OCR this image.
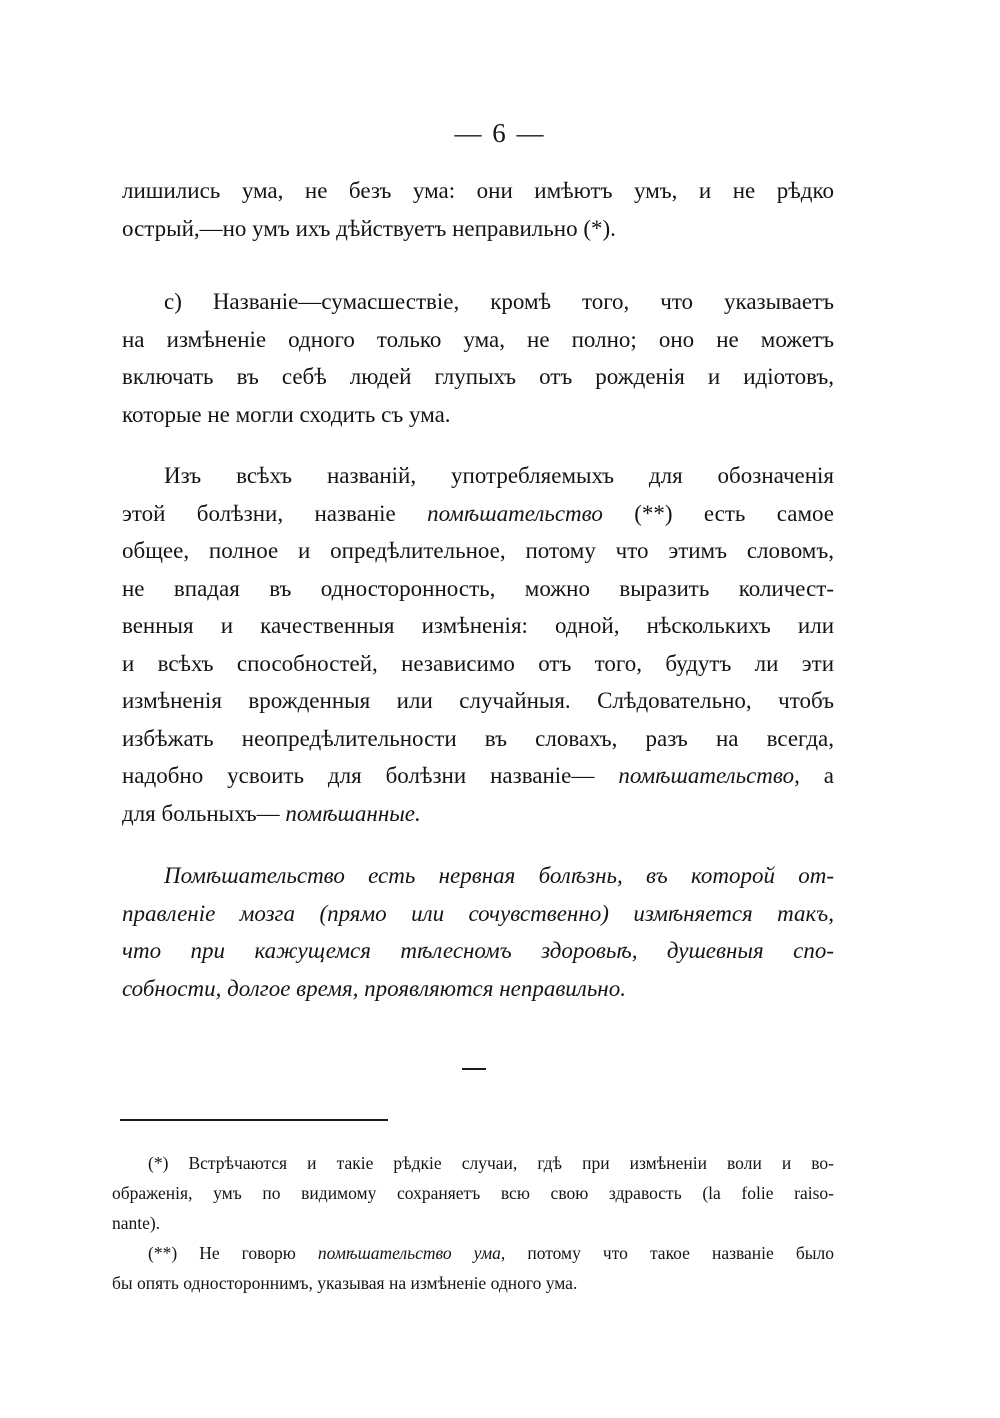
— 6 —
лишились ума, не безъ ума: они имѣютъ умъ, и не рѣдко
острый,—но умъ ихъ дѣйствуетъ неправильно (*).
c) Названіе—сумасшествіе, кромѣ того, что указываетъ
на измѣненіе одного только ума, не полно; оно не можетъ
включать въ себѣ людей глупыхъ отъ рожденія и идіотовъ,
которые не могли сходить съ ума.
Изъ всѣхъ названій, употребляемыхъ для обозначенія
этой болѣзни, названіе помѣшательство (**) есть самое
общее, полное и опредѣлительное, потому что этимъ словомъ,
не впадая въ односторонность, можно выразить количест-
венныя и качественныя измѣненія: одной, нѣсколькихъ или
и всѣхъ способностей, независимо отъ того, будутъ ли эти
измѣненія врожденныя или случайныя. Слѣдовательно, чтобъ
избѣжать неопредѣлительности въ словахъ, разъ на всегда,
надобно усвоить для болѣзни названіе— помѣшательство, а
для больныхъ— помѣшанные.
Помѣшательство есть нервная болѣзнь, въ которой от-
правленіе мозга (прямо или сочувственно) измѣняется такъ,
что при кажущемся тѣлесномъ здоровьѣ, душевныя спо-
собности, долгое время, проявляются неправильно.
(*) Встрѣчаются и такіе рѣдкіе случаи, гдѣ при измѣненіи воли и во-
ображенія, умъ по видимому сохраняетъ всю свою здравость (la folie raiso-
nante).
(**) Не говорю помѣшательство ума, потому что такое названіе было
бы опять одностороннимъ, указывая на измѣненіе одного ума.
